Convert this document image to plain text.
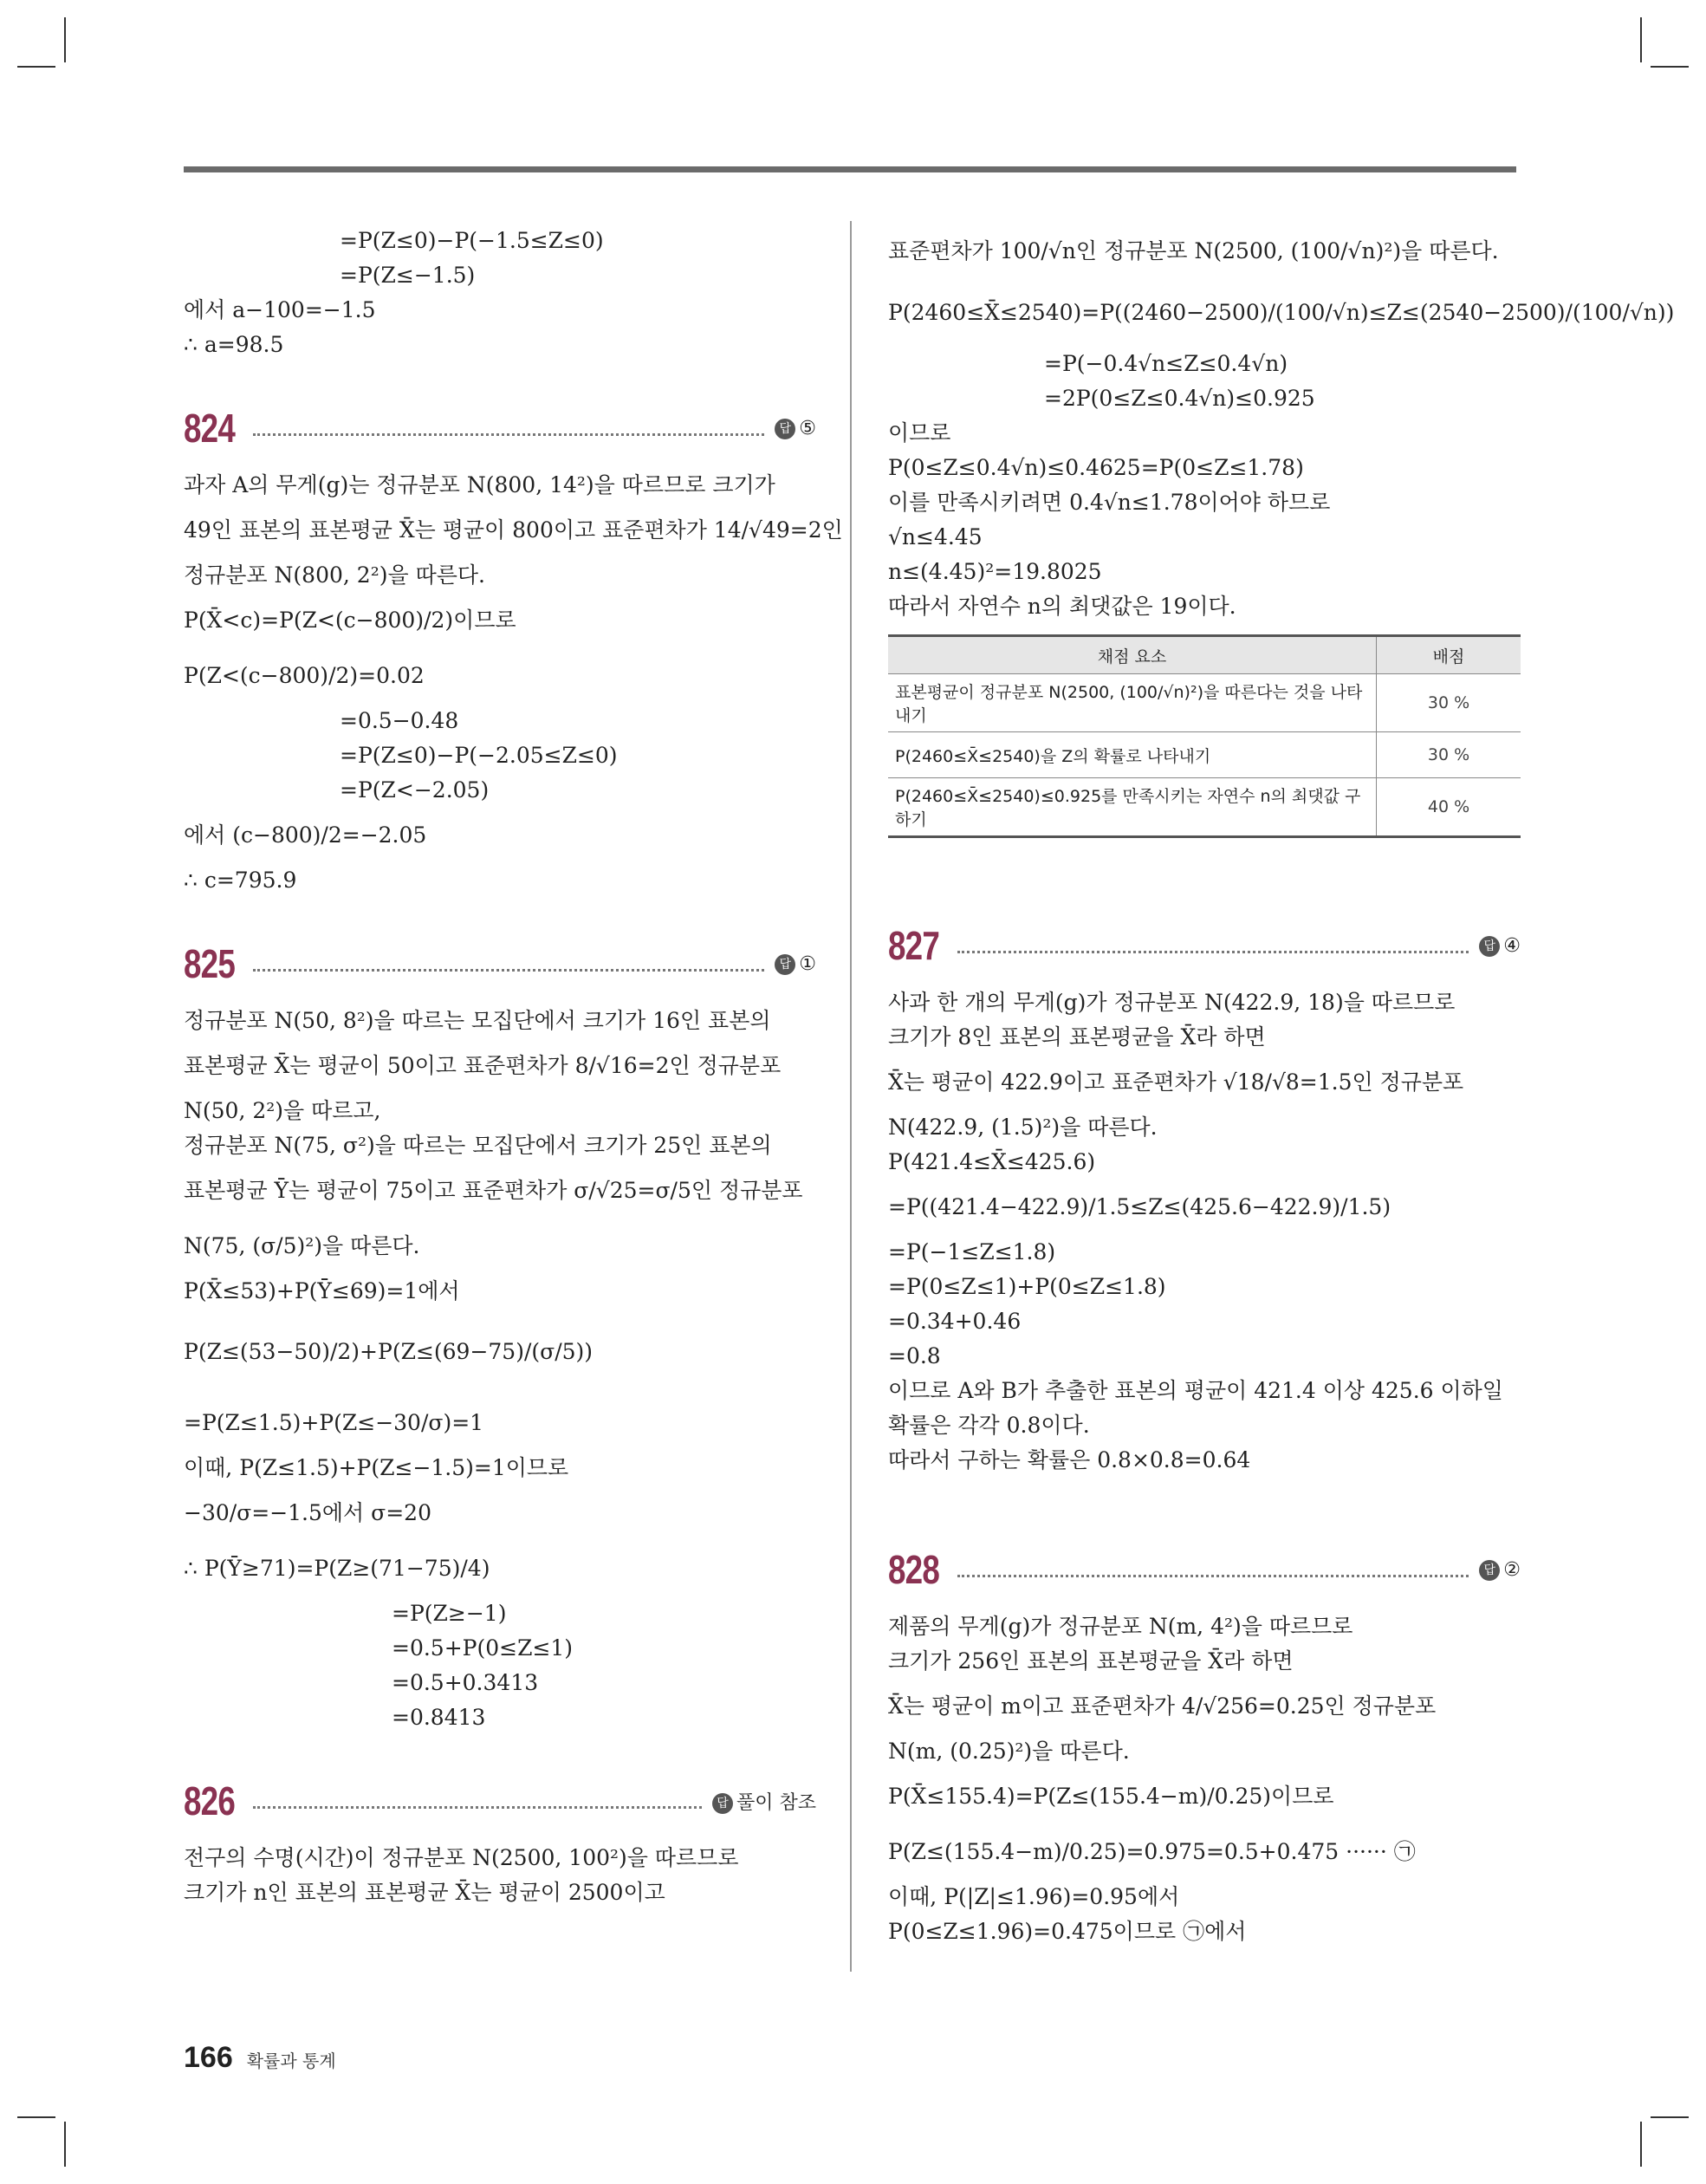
=P(Z≤0)−P(−1.5≤Z≤0)
=P(Z≤−1.5)
에서 a−100=−1.5
∴ a=98.5
824	답 ⑤
과자 A의 무게(g)는 정규분포 N(800, 14²)을 따르므로 크기가
49인 표본의 표본평균 X̄는 평균이 800이고 표준편차가 14/√49=2인
정규분포 N(800, 2²)을 따른다.
P(X̄<c)=P(Z<(c−800)/2)이므로
P(Z<(c−800)/2)=0.02
=0.5−0.48
=P(Z≤0)−P(−2.05≤Z≤0)
=P(Z<−2.05)
에서 (c−800)/2=−2.05
∴ c=795.9
825	답 ①
정규분포 N(50, 8²)을 따르는 모집단에서 크기가 16인 표본의
표본평균 X̄는 평균이 50이고 표준편차가 8/√16=2인 정규분포
N(50, 2²)을 따르고,
정규분포 N(75, σ²)을 따르는 모집단에서 크기가 25인 표본의
표본평균 Ȳ는 평균이 75이고 표준편차가 σ/√25=σ/5인 정규분포
N(75, (σ/5)²)을 따른다.
P(X̄≤53)+P(Ȳ≤69)=1에서
P(Z≤(53−50)/2)+P(Z≤(69−75)/(σ/5))
=P(Z≤1.5)+P(Z≤−30/σ)=1
이때, P(Z≤1.5)+P(Z≤−1.5)=1이므로
−30/σ=−1.5에서 σ=20
∴ P(Ȳ≥71)=P(Z≥(71−75)/4)
=P(Z≥−1)
=0.5+P(0≤Z≤1)
=0.5+0.3413
=0.8413
826	답 풀이 참조
전구의 수명(시간)이 정규분포 N(2500, 100²)을 따르므로
크기가 n인 표본의 표본평균 X̄는 평균이 2500이고
표준편차가 100/√n인 정규분포 N(2500, (100/√n)²)을 따른다.
P(2460≤X̄≤2540)=P((2460−2500)/(100/√n)≤Z≤(2540−2500)/(100/√n))
=P(−0.4√n≤Z≤0.4√n)
=2P(0≤Z≤0.4√n)≤0.925
이므로
P(0≤Z≤0.4√n)≤0.4625=P(0≤Z≤1.78)
이를 만족시키려면 0.4√n≤1.78이어야 하므로
√n≤4.45
n≤(4.45)²=19.8025
따라서 자연수 n의 최댓값은 19이다.
채점 요소	배점
표본평균이 정규분포 N(2500, (100/√n)²)을 따른다는 것을 나타내기	30 %
P(2460≤X̄≤2540)을 Z의 확률로 나타내기	30 %
P(2460≤X̄≤2540)≤0.925를 만족시키는 자연수 n의 최댓값 구하기	40 %
827	답 ④
사과 한 개의 무게(g)가 정규분포 N(422.9, 18)을 따르므로
크기가 8인 표본의 표본평균을 X̄라 하면
X̄는 평균이 422.9이고 표준편차가 √18/√8=1.5인 정규분포
N(422.9, (1.5)²)을 따른다.
P(421.4≤X̄≤425.6)
=P((421.4−422.9)/1.5≤Z≤(425.6−422.9)/1.5)
=P(−1≤Z≤1.8)
=P(0≤Z≤1)+P(0≤Z≤1.8)
=0.34+0.46
=0.8
이므로 A와 B가 추출한 표본의 평균이 421.4 이상 425.6 이하일
확률은 각각 0.8이다.
따라서 구하는 확률은 0.8×0.8=0.64
828	답 ②
제품의 무게(g)가 정규분포 N(m, 4²)을 따르므로
크기가 256인 표본의 표본평균을 X̄라 하면
X̄는 평균이 m이고 표준편차가 4/√256=0.25인 정규분포
N(m, (0.25)²)을 따른다.
P(X̄≤155.4)=P(Z≤(155.4−m)/0.25)이므로
P(Z≤(155.4−m)/0.25)=0.975=0.5+0.475 ······ ㉠
이때, P(|Z|≤1.96)=0.95에서
P(0≤Z≤1.96)=0.475이므로 ㉠에서
166 확률과 통계
